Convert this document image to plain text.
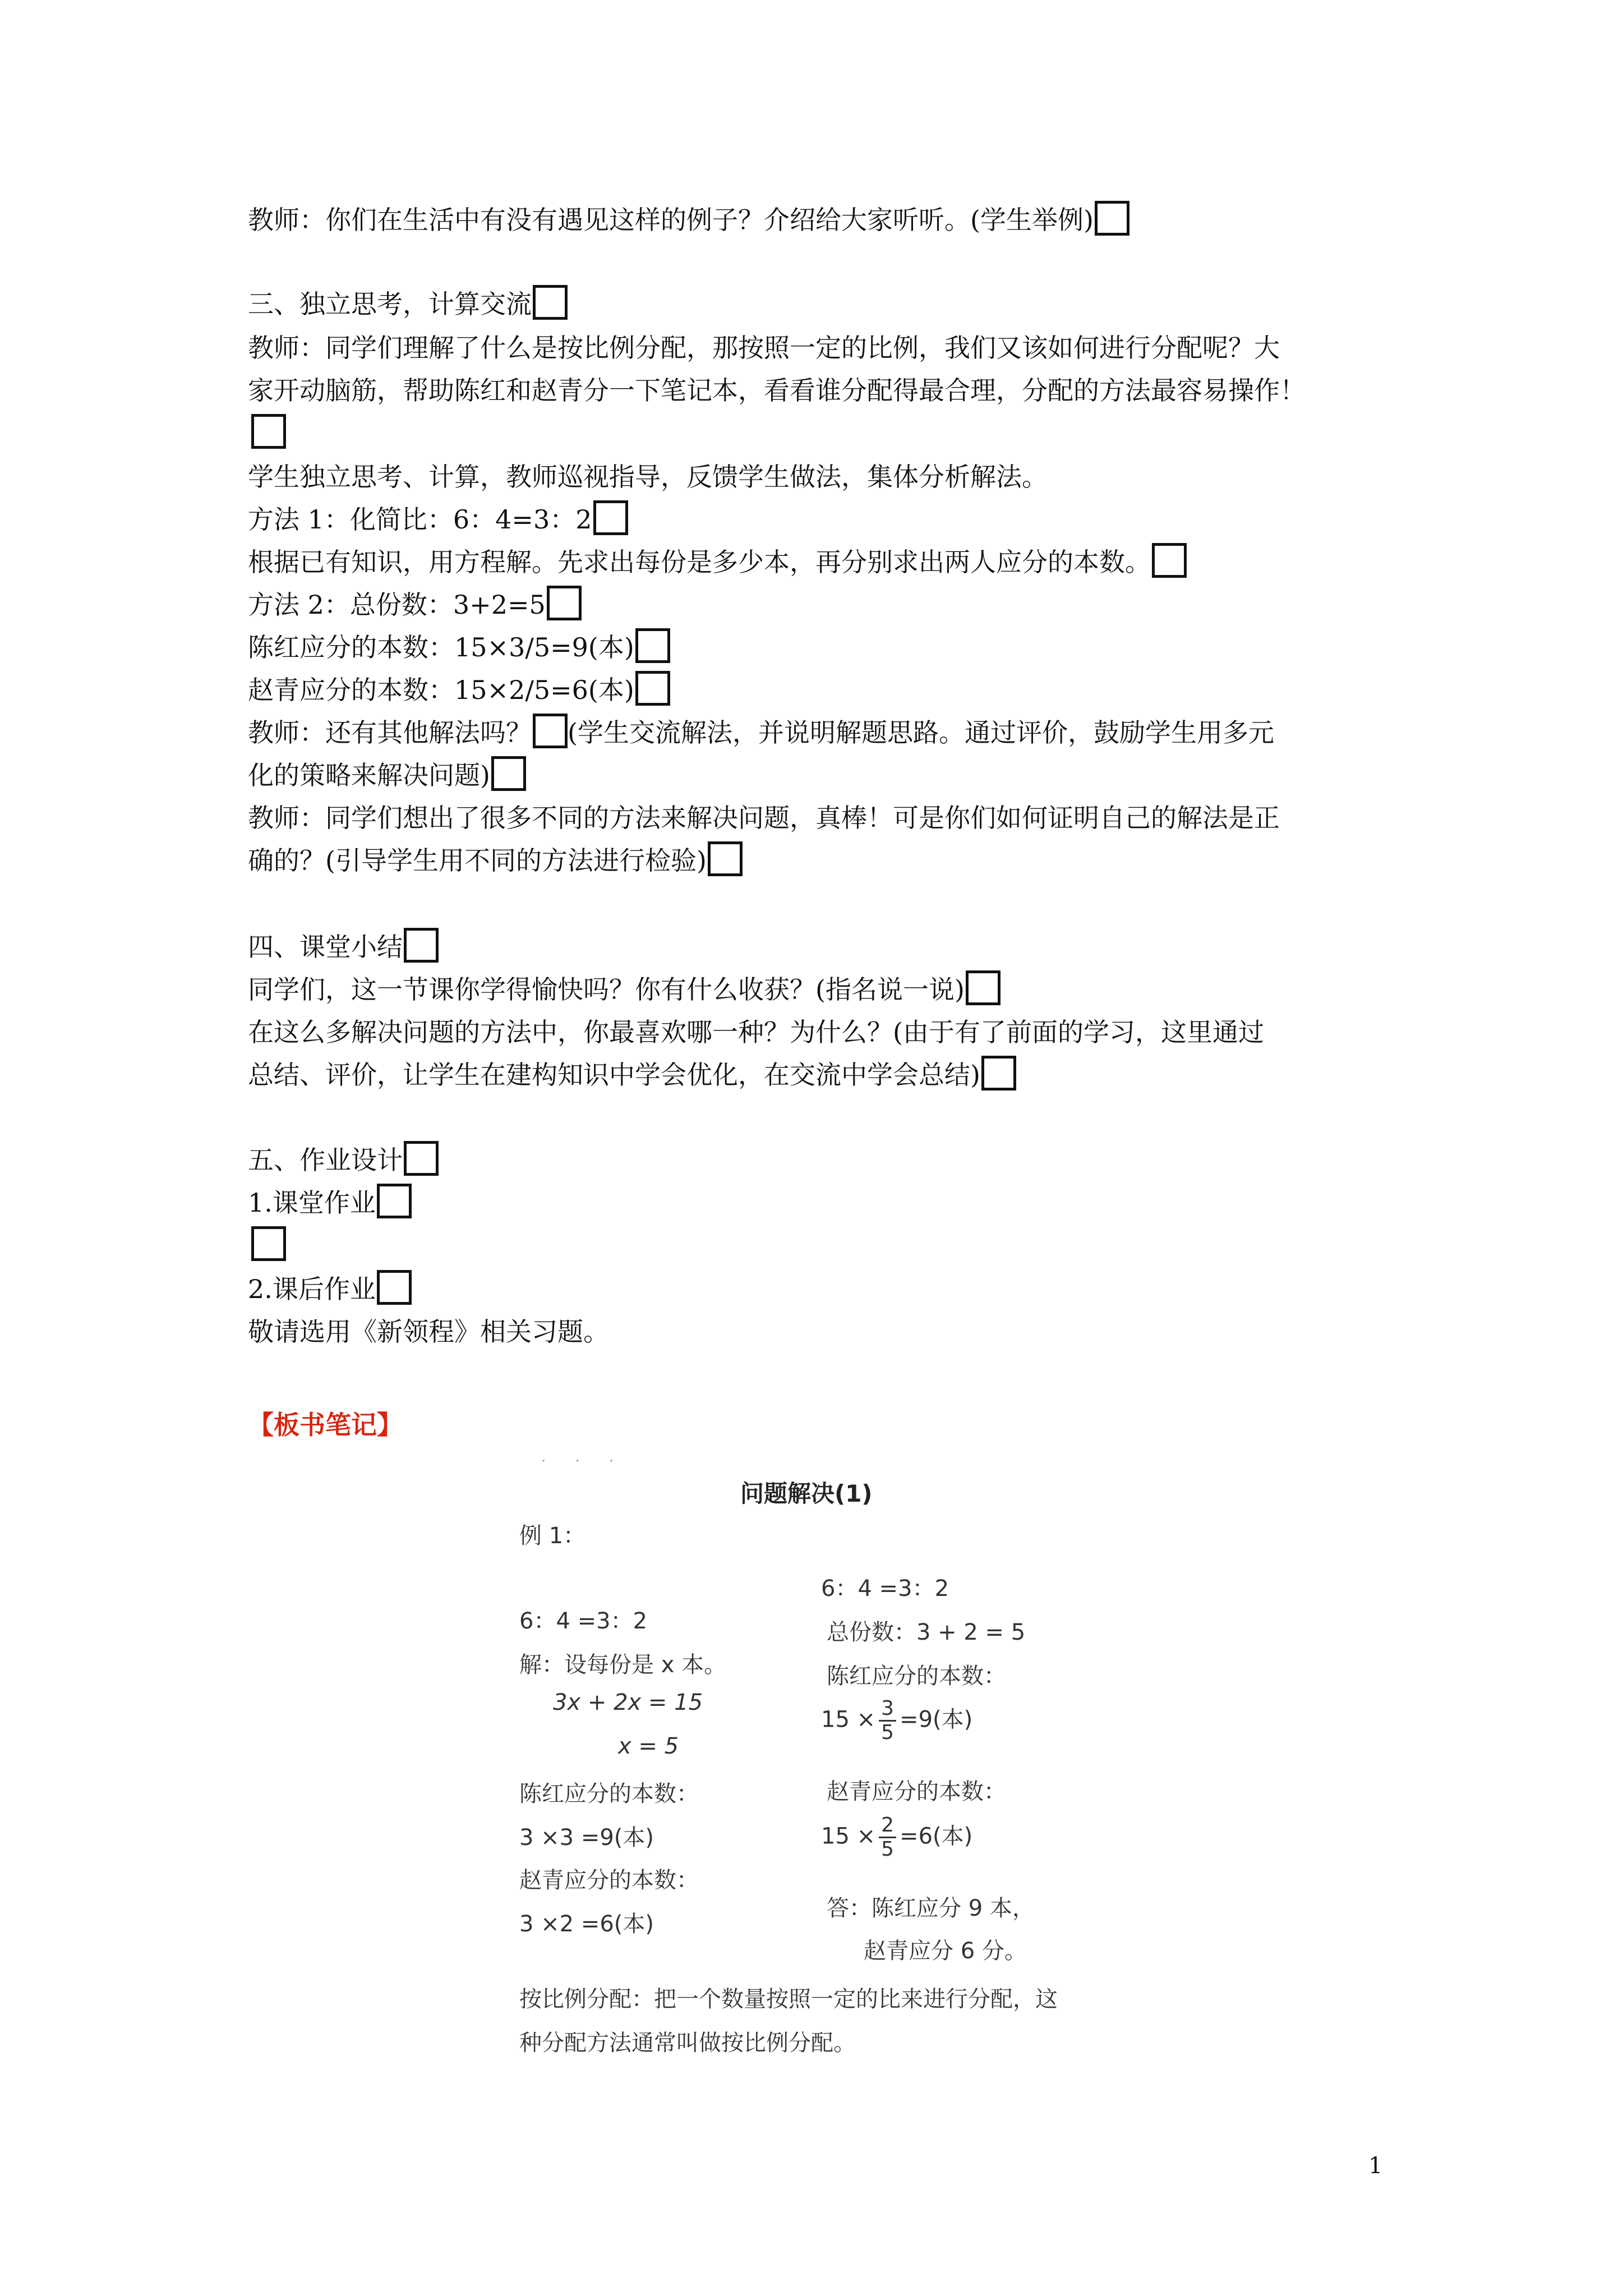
教师：你们在生活中有没有遇见这样的例子？介绍给大家听听。(学生举例)
三、独立思考，计算交流
教师：同学们理解了什么是按比例分配，那按照一定的比例，我们又该如何进行分配呢？大
家开动脑筋，帮助陈红和赵青分一下笔记本，看看谁分配得最合理，分配的方法最容易操作！
学生独立思考、计算，教师巡视指导，反馈学生做法，集体分析解法。
方法 1：化简比：6：4=3：2
根据已有知识，用方程解。先求出每份是多少本，再分别求出两人应分的本数。
方法 2：总份数：3+2=5
陈红应分的本数：15×3/5=9(本)
赵青应分的本数：15×2/5=6(本)
教师：还有其他解法吗？ (学生交流解法，并说明解题思路。通过评价，鼓励学生用多元
化的策略来解决问题)
教师：同学们想出了很多不同的方法来解决问题，真棒！可是你们如何证明自己的解法是正
确的？(引导学生用不同的方法进行检验)
四、课堂小结
同学们，这一节课你学得愉快吗？你有什么收获？(指名说一说)
在这么多解决问题的方法中，你最喜欢哪一种？为什么？(由于有了前面的学习，这里通过
总结、评价，让学生在建构知识中学会优化，在交流中学会总结)
五、作业设计
1.课堂作业
2.课后作业
敬请选用《新领程》相关习题。
【板书笔记】
· · ·
问题解决(1)
例 1：
6：4 =3：2
解：设每份是 x 本。
3x + 2x = 15
x = 5
陈红应分的本数：
3 ×3 =9(本)
赵青应分的本数：
3 ×2 =6(本)
6：4 =3：2
总份数：3 + 2 = 5
陈红应分的本数：
$15 \times \frac{3}{5} =9$(本)
赵青应分的本数：
$15 \times \frac{2}{5} =6$(本)
答：陈红应分 9 本，
赵青应分 6 分。
按比例分配：把一个数量按照一定的比来进行分配，这
种分配方法通常叫做按比例分配。
1
